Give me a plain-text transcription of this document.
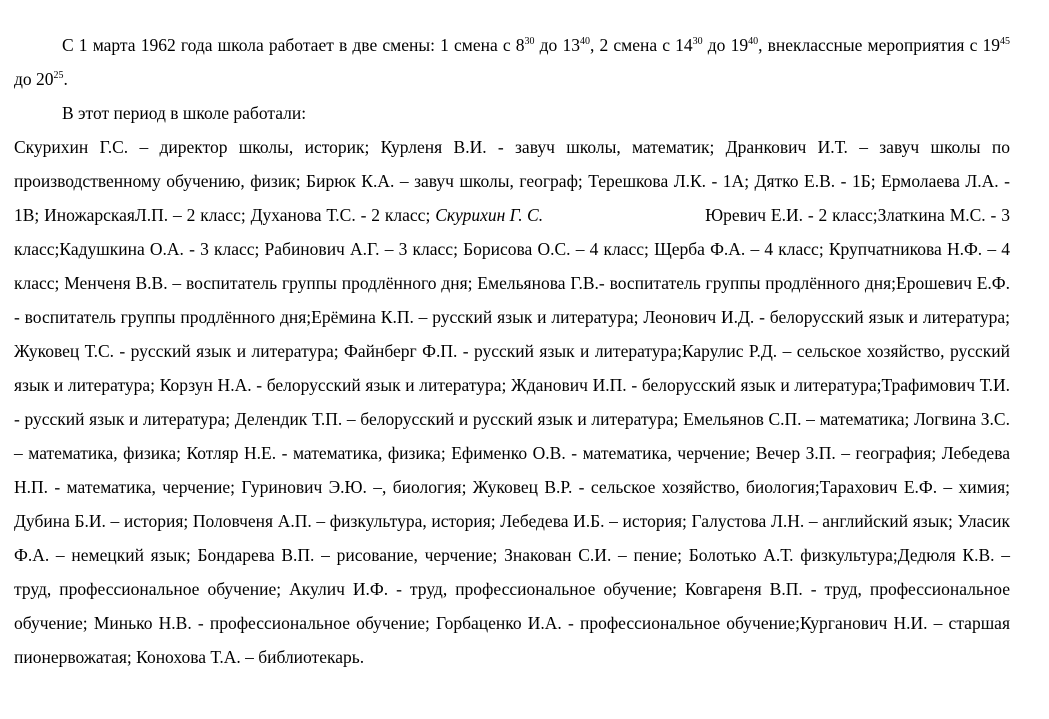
С 1 марта 1962 года школа работает в две смены: 1 смена с $8^{30}$ до $13^{40}$, 2 смена с $14^{30}$ до $19^{40}$, внеклассные мероприятия с $19^{45}$ до $20^{25}$.

В этот период в школе работали:

Скурихин Г.С. – директор школы, историк; Курленя В.И. - завуч школы, математик; Дранкович И.Т. – завуч школы по производственному обучению, физик; Бирюк К.А. – завуч школы, географ; Терешкова Л.К. - 1А; Дятко Е.В. - 1Б; Ермолаева Л.А. - 1В; ИножарскаяЛ.П. – 2 класс; Духанова Т.С. - 2 класс; Скурихин Г. С.	Юревич Е.И. - 2 класс;Златкина М.С. - 3 класс;Кадушкина О.А. - 3 класс; Рабинович А.Г. – 3 класс; Борисова О.С. – 4 класс; Щерба Ф.А. – 4 класс; Крупчатникова Н.Ф. – 4 класс; Менченя В.В. – воспитатель группы продлённого дня; Емельянова Г.В.- воспитатель группы продлённого дня;Ерошевич Е.Ф. - воспитатель группы продлённого дня;Ерёмина К.П. – русский язык и литература; Леонович И.Д. - белорусский язык и литература; Жуковец Т.С. - русский язык и литература; Файнберг Ф.П. - русский язык и литература;Карулис Р.Д. – сельское хозяйство, русский язык и литература; Корзун Н.А. - белорусский язык и литература; Жданович И.П. - белорусский язык и литература;Трафимович Т.И. - русский язык и литература; Делендик Т.П. – белорусский и русский язык и литература; Емельянов С.П. – математика; Логвина З.С. – математика, физика; Котляр Н.Е. - математика, физика; Ефименко О.В. - математика, черчение; Вечер З.П. – география; Лебедева Н.П. - математика, черчение; Гуринович Э.Ю. –, биология; Жуковец В.Р. - сельское хозяйство, биология;Тарахович Е.Ф. – химия; Дубина Б.И. – история; Половченя А.П. – физкультура, история; Лебедева И.Б. – история; Галустова Л.Н. – английский язык; Уласик Ф.А. – немецкий язык; Бондарева В.П. – рисование, черчение; Знакован С.И. – пение; Болотько А.Т. физкультура;Дедюля К.В. – труд, профессиональное обучение; Акулич И.Ф. - труд, профессиональное обучение; Ковгареня В.П. - труд, профессиональное обучение; Минько Н.В. - профессиональное обучение; Горбаценко И.А. - профессиональное обучение;Курганович Н.И. – старшая пионервожатая; Конохова Т.А. – библиотекарь.
